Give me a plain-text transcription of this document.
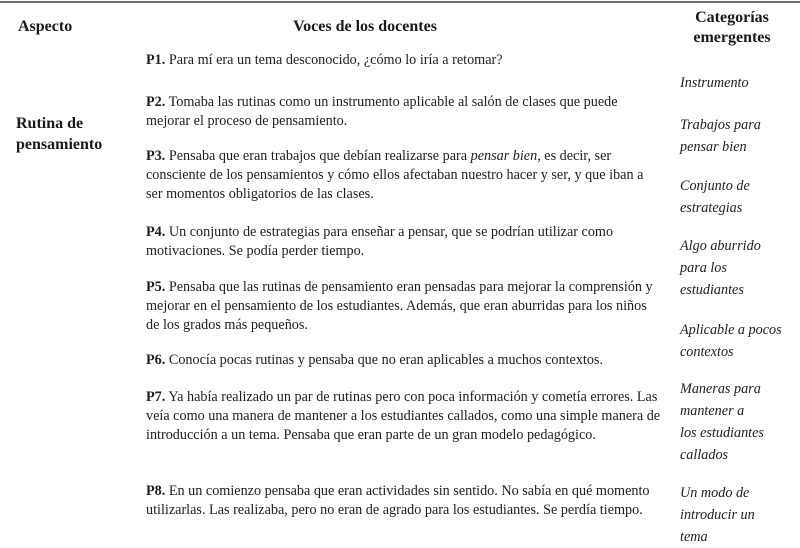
Aspecto	Voces de los docentes
Categorías
emergentes
Rutina de
pensamiento
P1. Para mí era un tema desconocido, ¿cómo lo iría a retomar?
P2. Tomaba las rutinas como un instrumento aplicable al salón de clases que puede mejorar el proceso de pensamiento.
P3. Pensaba que eran trabajos que debían realizarse para pensar bien, es decir, ser consciente de los pensamientos y cómo ellos afectaban nuestro hacer y ser, y que iban a ser momentos obligatorios de las clases.
P4. Un conjunto de estrategias para enseñar a pensar, que se podrían utilizar como motivaciones. Se podía perder tiempo.
P5. Pensaba que las rutinas de pensamiento eran pensadas para mejorar la comprensión y mejorar en el pensamiento de los estudiantes. Además, que eran aburridas para los niños de los grados más pequeños.
P6. Conocía pocas rutinas y pensaba que no eran aplicables a muchos contextos.
P7. Ya había realizado un par de rutinas pero con poca información y cometía errores. Las veía como una manera de mantener a los estudiantes callados, como una simple manera de introducción a un tema. Pensaba que eran parte de un gran modelo pedagógico.
P8. En un comienzo pensaba que eran actividades sin sentido. No sabía en qué momento utilizarlas. Las realizaba, pero no eran de agrado para los estudiantes. Se perdía tiempo.
Instrumento
Trabajos para
pensar bien
Conjunto de
estrategias
Algo aburrido
para los
estudiantes
Aplicable a pocos
contextos
Maneras para
mantener a
los estudiantes
callados
Un modo de
introducir un
tema
